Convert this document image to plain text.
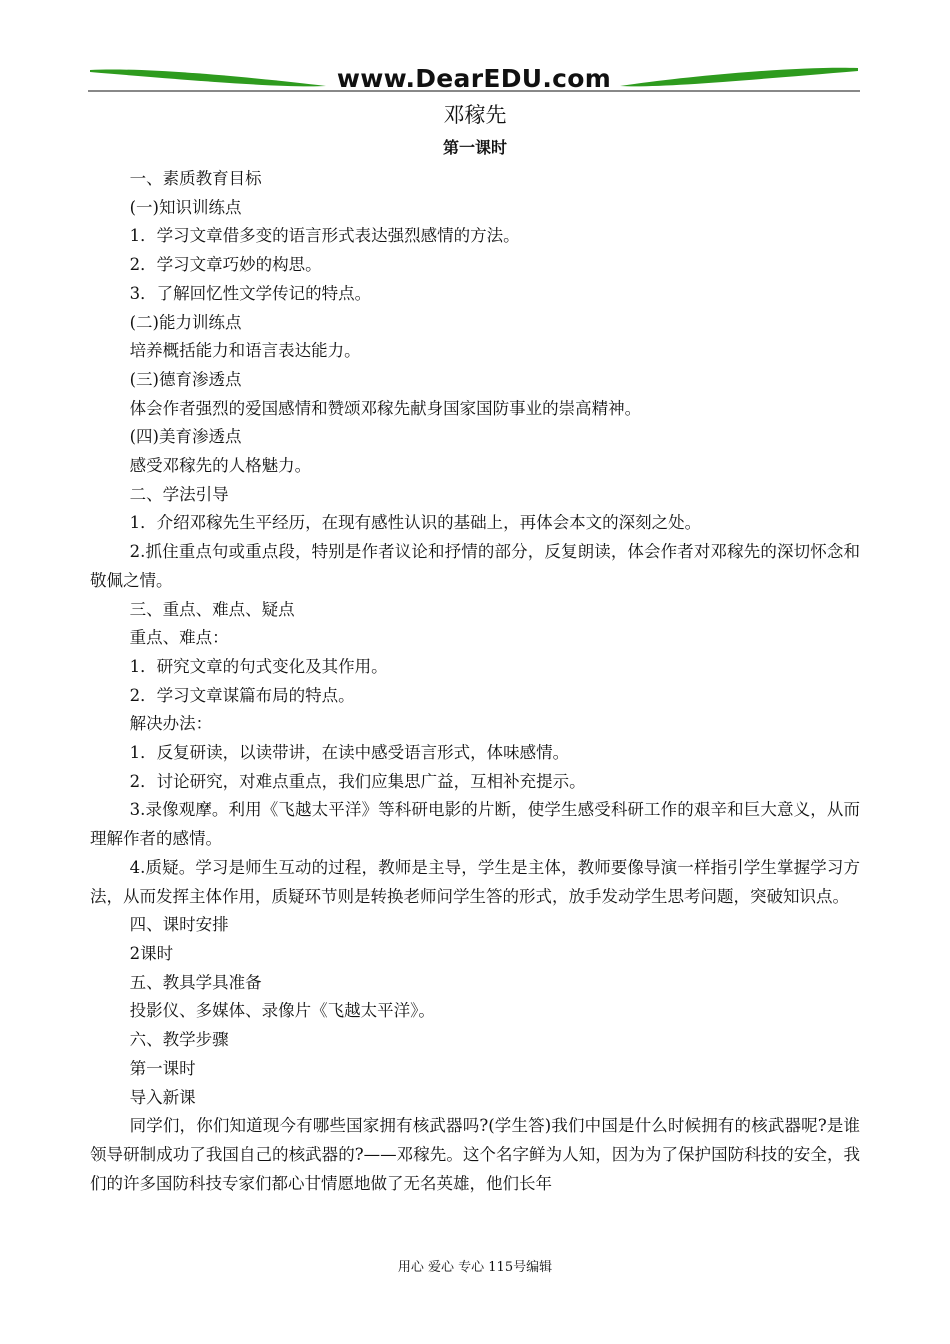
www.DearEDU.com
邓稼先
第一课时

一、素质教育目标

(一)知识训练点

1．学习文章借多变的语言形式表达强烈感情的方法。

2．学习文章巧妙的构思。

3．了解回忆性文学传记的特点。

(二)能力训练点

培养概括能力和语言表达能力。

(三)德育渗透点

体会作者强烈的爱国感情和赞颂邓稼先献身国家国防事业的崇高精神。

(四)美育渗透点

感受邓稼先的人格魅力。

二、学法引导

1．介绍邓稼先生平经历，在现有感性认识的基础上，再体会本文的深刻之处。

2.抓住重点句或重点段，特别是作者议论和抒情的部分，反复朗读，体会作者对邓稼先的深切怀念和敬佩之情。

三、重点、难点、疑点

重点、难点：

1．研究文章的句式变化及其作用。

2．学习文章谋篇布局的特点。

解决办法：

1．反复研读，以读带讲，在读中感受语言形式，体味感情。

2．讨论研究，对难点重点，我们应集思广益，互相补充提示。

3.录像观摩。利用《飞越太平洋》等科研电影的片断，使学生感受科研工作的艰辛和巨大意义，从而理解作者的感情。

4.质疑。学习是师生互动的过程，教师是主导，学生是主体，教师要像导演一样指引学生掌握学习方法，从而发挥主体作用，质疑环节则是转换老师问学生答的形式，放手发动学生思考问题，突破知识点。

四、课时安排

2课时

五、教具学具准备

投影仪、多媒体、录像片《飞越太平洋》。

六、教学步骤

第一课时

导入新课

同学们，你们知道现今有哪些国家拥有核武器吗?(学生答)我们中国是什么时候拥有的核武器呢?是谁领导研制成功了我国自己的核武器的?——邓稼先。这个名字鲜为人知，因为为了保护国防科技的安全，我们的许多国防科技专家们都心甘情愿地做了无名英雄，他们长年

用心 爱心 专心 115号编辑
